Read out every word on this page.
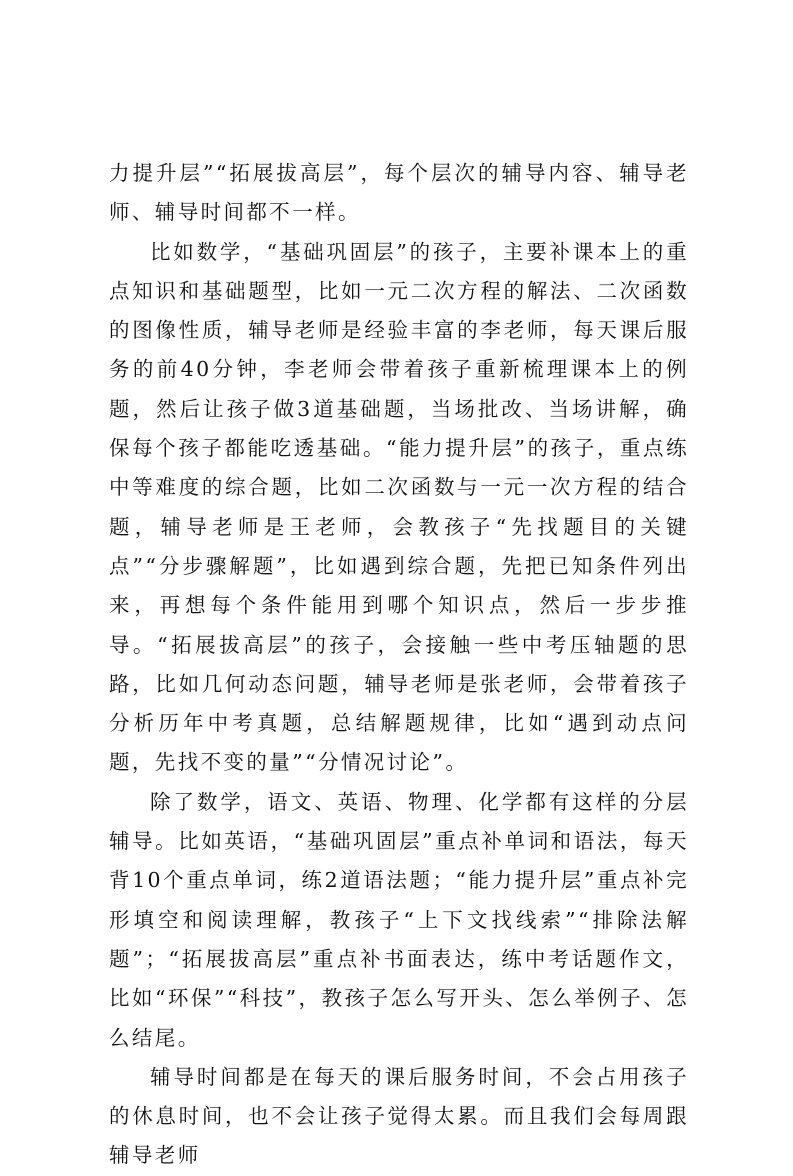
力提升层”“拓展拔高层”，每个层次的辅导内容、辅导老师、辅导时间都不一样。

比如数学，“基础巩固层”的孩子，主要补课本上的重点知识和基础题型，比如一元二次方程的解法、二次函数的图像性质，辅导老师是经验丰富的李老师，每天课后服务的前40分钟，李老师会带着孩子重新梳理课本上的例题，然后让孩子做3道基础题，当场批改、当场讲解，确保每个孩子都能吃透基础。“能力提升层”的孩子，重点练中等难度的综合题，比如二次函数与一元一次方程的结合题，辅导老师是王老师，会教孩子“先找题目的关键点”“分步骤解题”，比如遇到综合题，先把已知条件列出来，再想每个条件能用到哪个知识点，然后一步步推导。“拓展拔高层”的孩子，会接触一些中考压轴题的思路，比如几何动态问题，辅导老师是张老师，会带着孩子分析历年中考真题，总结解题规律，比如“遇到动点问题，先找不变的量”“分情况讨论”。

除了数学，语文、英语、物理、化学都有这样的分层辅导。比如英语，“基础巩固层”重点补单词和语法，每天背10个重点单词，练2道语法题；“能力提升层”重点补完形填空和阅读理解，教孩子“上下文找线索”“排除法解题”；“拓展拔高层”重点补书面表达，练中考话题作文，比如“环保”“科技”，教孩子怎么写开头、怎么举例子、怎么结尾。

辅导时间都是在每天的课后服务时间，不会占用孩子的休息时间，也不会让孩子觉得太累。而且我们会每周跟辅导老师
